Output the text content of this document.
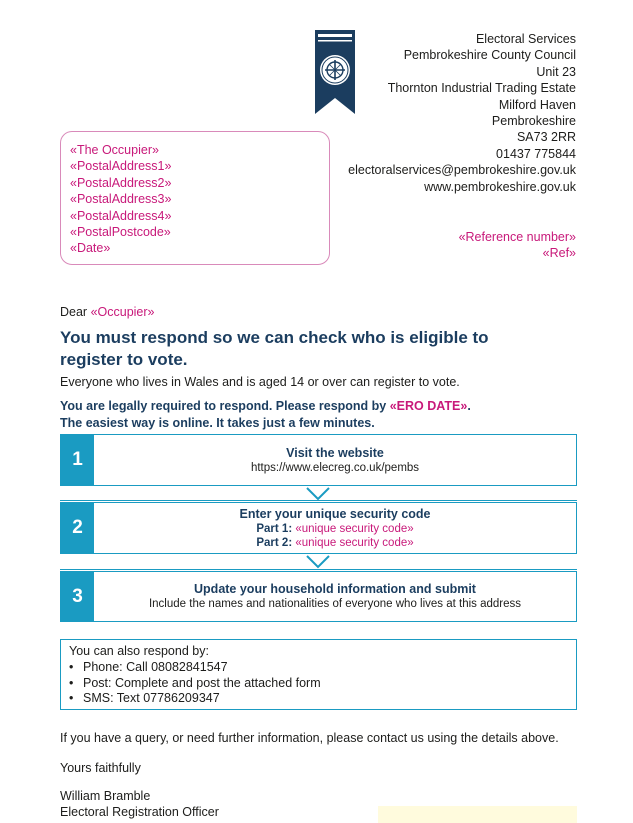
Electoral Services
Pembrokeshire County Council
Unit 23
Thornton Industrial Trading Estate
Milford Haven
Pembrokeshire
SA73 2RR
01437 775844
electoralservices@pembrokeshire.gov.uk
www.pembrokeshire.gov.uk
«The Occupier»
«PostalAddress1»
«PostalAddress2»
«PostalAddress3»
«PostalAddress4»
«PostalPostcode»
«Date»
«Reference number»
«Ref»
Dear «Occupier»
You must respond so we can check who is eligible to register to vote.
Everyone who lives in Wales and is aged 14 or over can register to vote.
You are legally required to respond. Please respond by «ERO DATE».
The easiest way is online. It takes just a few minutes.
1	Visit the website
https://www.elecreg.co.uk/pembs
2
Enter your unique security code
Part 1: «unique security code»
Part 2: «unique security code»
3	Update your household information and submit
Include the names and nationalities of everyone who lives at this address
You can also respond by:
• Phone: Call 08082841547
• Post: Complete and post the attached form
• SMS: Text 07786209347
If you have a query, or need further information, please contact us using the details above.
Yours faithfully
William Bramble
Electoral Registration Officer
